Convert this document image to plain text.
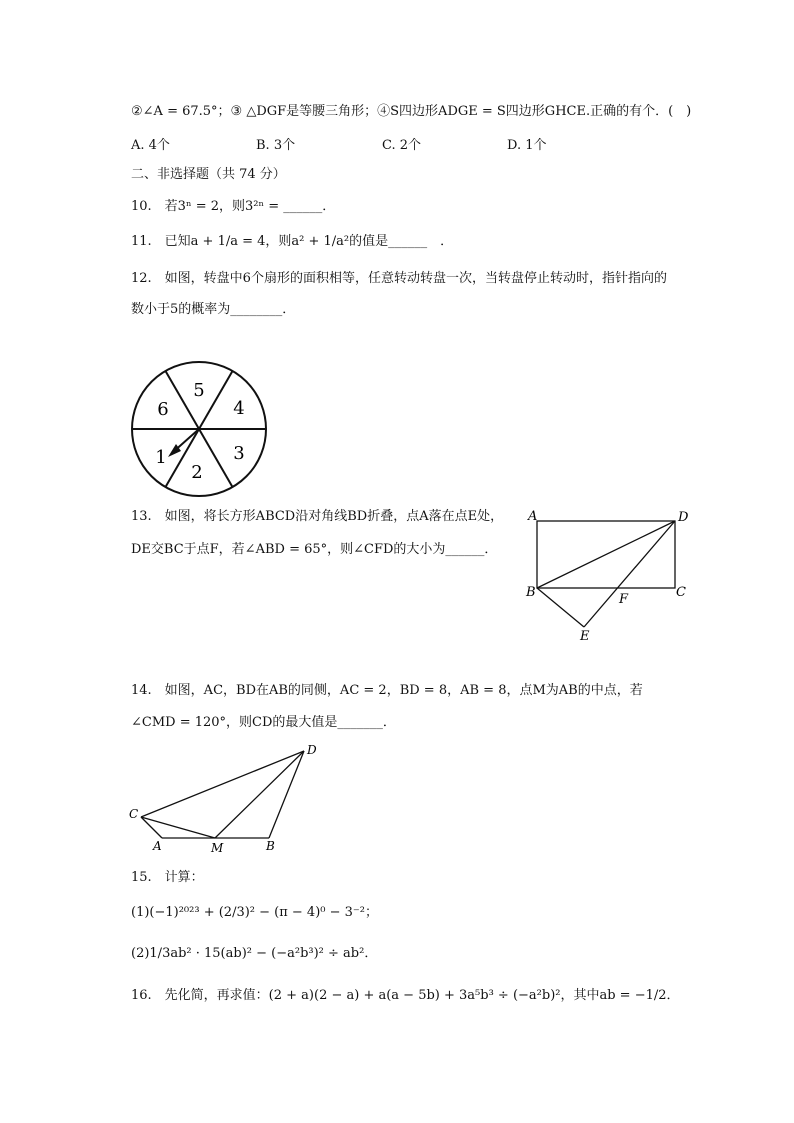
②∠A = 67.5°；③ △DGF是等腰三角形；④S四边形ADGE = S四边形GHCE.正确的有个．(　)
A. 4个	B. 3个	C. 2个	D. 1个
二、非选择题（共 74 分）
10.　若3ⁿ = 2，则3²ⁿ = ______．
11.　已知a + 1/a = 4，则a² + 1/a²的值是______　．
12.　如图，转盘中6个扇形的面积相等，任意转动转盘一次，当转盘停止转动时，指针指向的
数小于5的概率为________．
5
4
3
2
1
6
13.　如图，将长方形ABCD沿对角线BD折叠，点A落在点E处，
DE交BC于点F，若∠ABD = 65°，则∠CFD的大小为______．
A	D
B	F	C
E
14.　如图，AC，BD在AB的同侧，AC = 2，BD = 8，AB = 8，点M为AB的中点，若
∠CMD = 120°，则CD的最大值是_______．
D
C
A	M	B
15.　计算：
(1)(−1)²⁰²³ + (2/3)² − (π − 4)⁰ − 3⁻²；
(2)1/3ab² · 15(ab)² − (−a²b³)² ÷ ab²．
16.　先化简，再求值：(2 + a)(2 − a) + a(a − 5b) + 3a⁵b³ ÷ (−a²b)²，其中ab = −1/2．
